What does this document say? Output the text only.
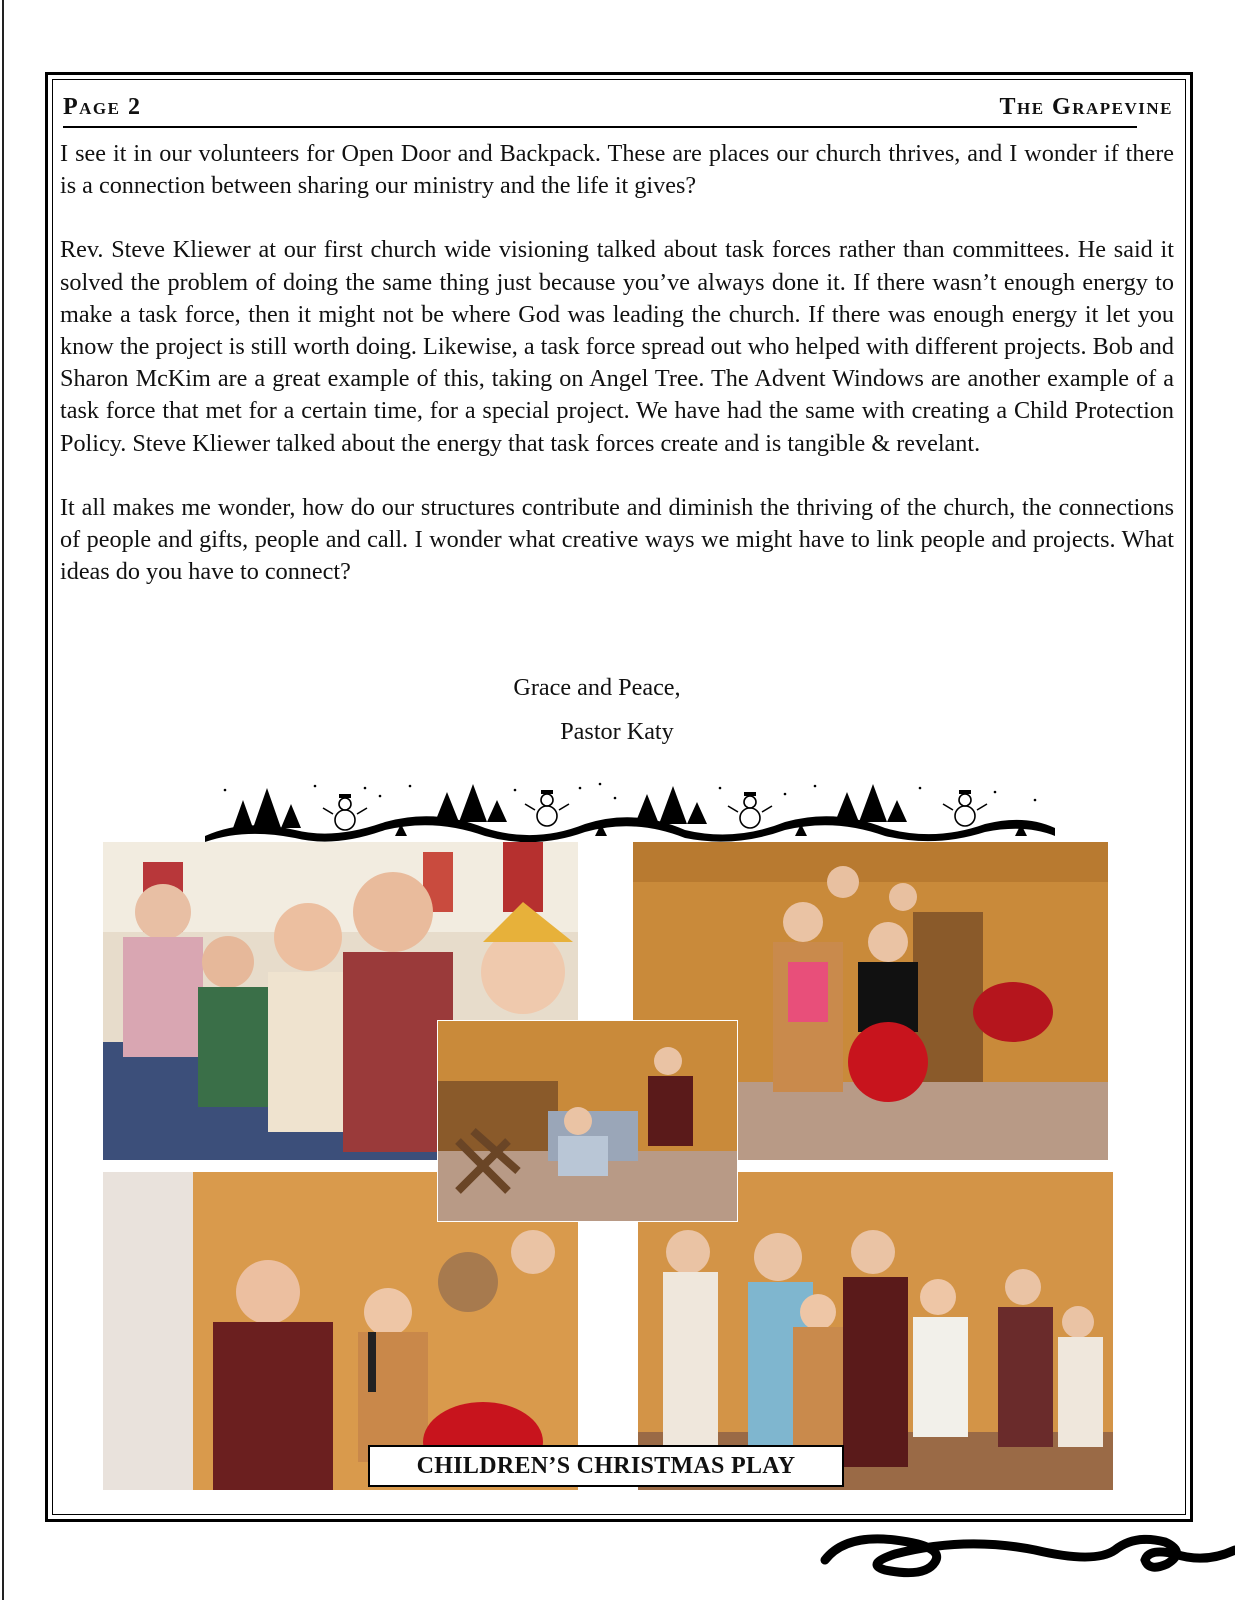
Page 2	The Grapevine

I see it in our volunteers for Open Door and Backpack. These are places our church thrives, and I wonder if there is a connection between sharing our ministry and the life it gives?

Rev. Steve Kliewer at our first church wide visioning talked about task forces rather than committees. He said it solved the problem of doing the same thing just because you’ve always done it. If there wasn’t enough energy to make a task force, then it might not be where God was leading the church. If there was enough energy it let you know the project is still worth doing. Likewise, a task force spread out who helped with different projects. Bob and Sharon McKim are a great example of this, taking on Angel Tree. The Advent Windows are another example of a task force that met for a certain time, for a special project. We have had the same with creating a Child Protection Policy. Steve Kliewer talked about the energy that task forces create and is tangible & revelant.

It all makes me wonder, how do our structures contribute and diminish the thriving of the church, the connections of people and gifts, people and call. I wonder what creative ways we might have to link people and projects. What ideas do you have to connect?

Grace and Peace,
Pastor Katy
CHILDREN’S CHRISTMAS PLAY
